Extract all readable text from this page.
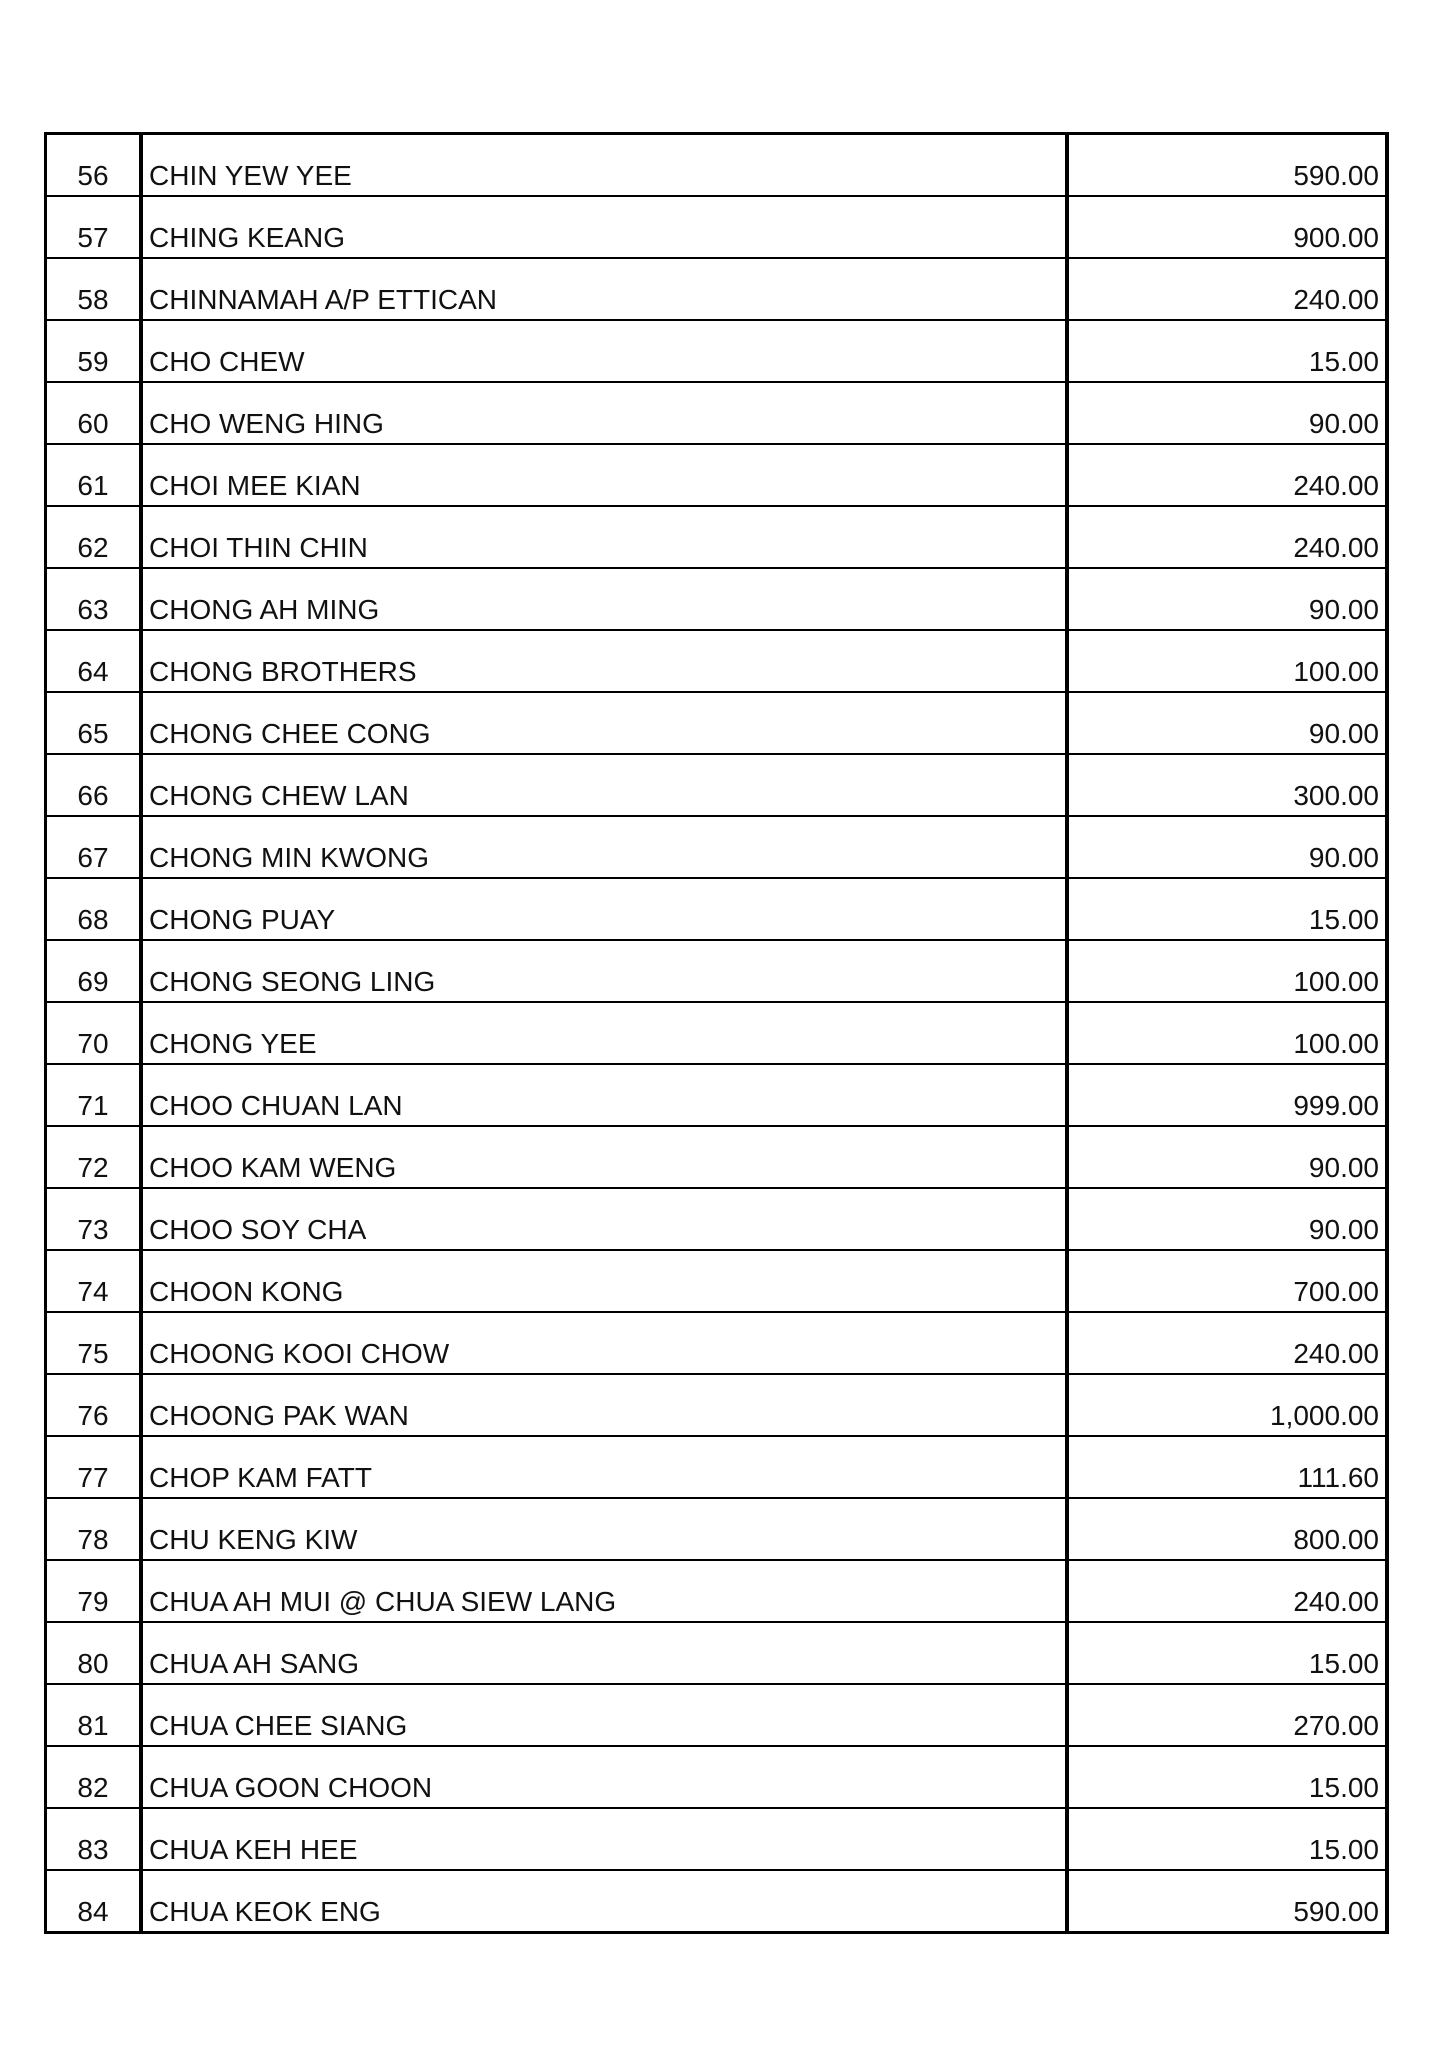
56	CHIN YEW YEE	590.00
57	CHING KEANG	900.00
58	CHINNAMAH A/P ETTICAN	240.00
59	CHO CHEW	15.00
60	CHO WENG HING	90.00
61	CHOI MEE KIAN	240.00
62	CHOI THIN CHIN	240.00
63	CHONG AH MING	90.00
64	CHONG BROTHERS	100.00
65	CHONG CHEE CONG	90.00
66	CHONG CHEW LAN	300.00
67	CHONG MIN KWONG	90.00
68	CHONG PUAY	15.00
69	CHONG SEONG LING	100.00
70	CHONG YEE	100.00
71	CHOO CHUAN LAN	999.00
72	CHOO KAM WENG	90.00
73	CHOO SOY CHA	90.00
74	CHOON KONG	700.00
75	CHOONG KOOI CHOW	240.00
76	CHOONG PAK WAN	1,000.00
77	CHOP KAM FATT	111.60
78	CHU KENG KIW	800.00
79	CHUA AH MUI @ CHUA SIEW LANG	240.00
80	CHUA AH SANG	15.00
81	CHUA CHEE SIANG	270.00
82	CHUA GOON CHOON	15.00
83	CHUA KEH HEE	15.00
84	CHUA KEOK ENG	590.00
